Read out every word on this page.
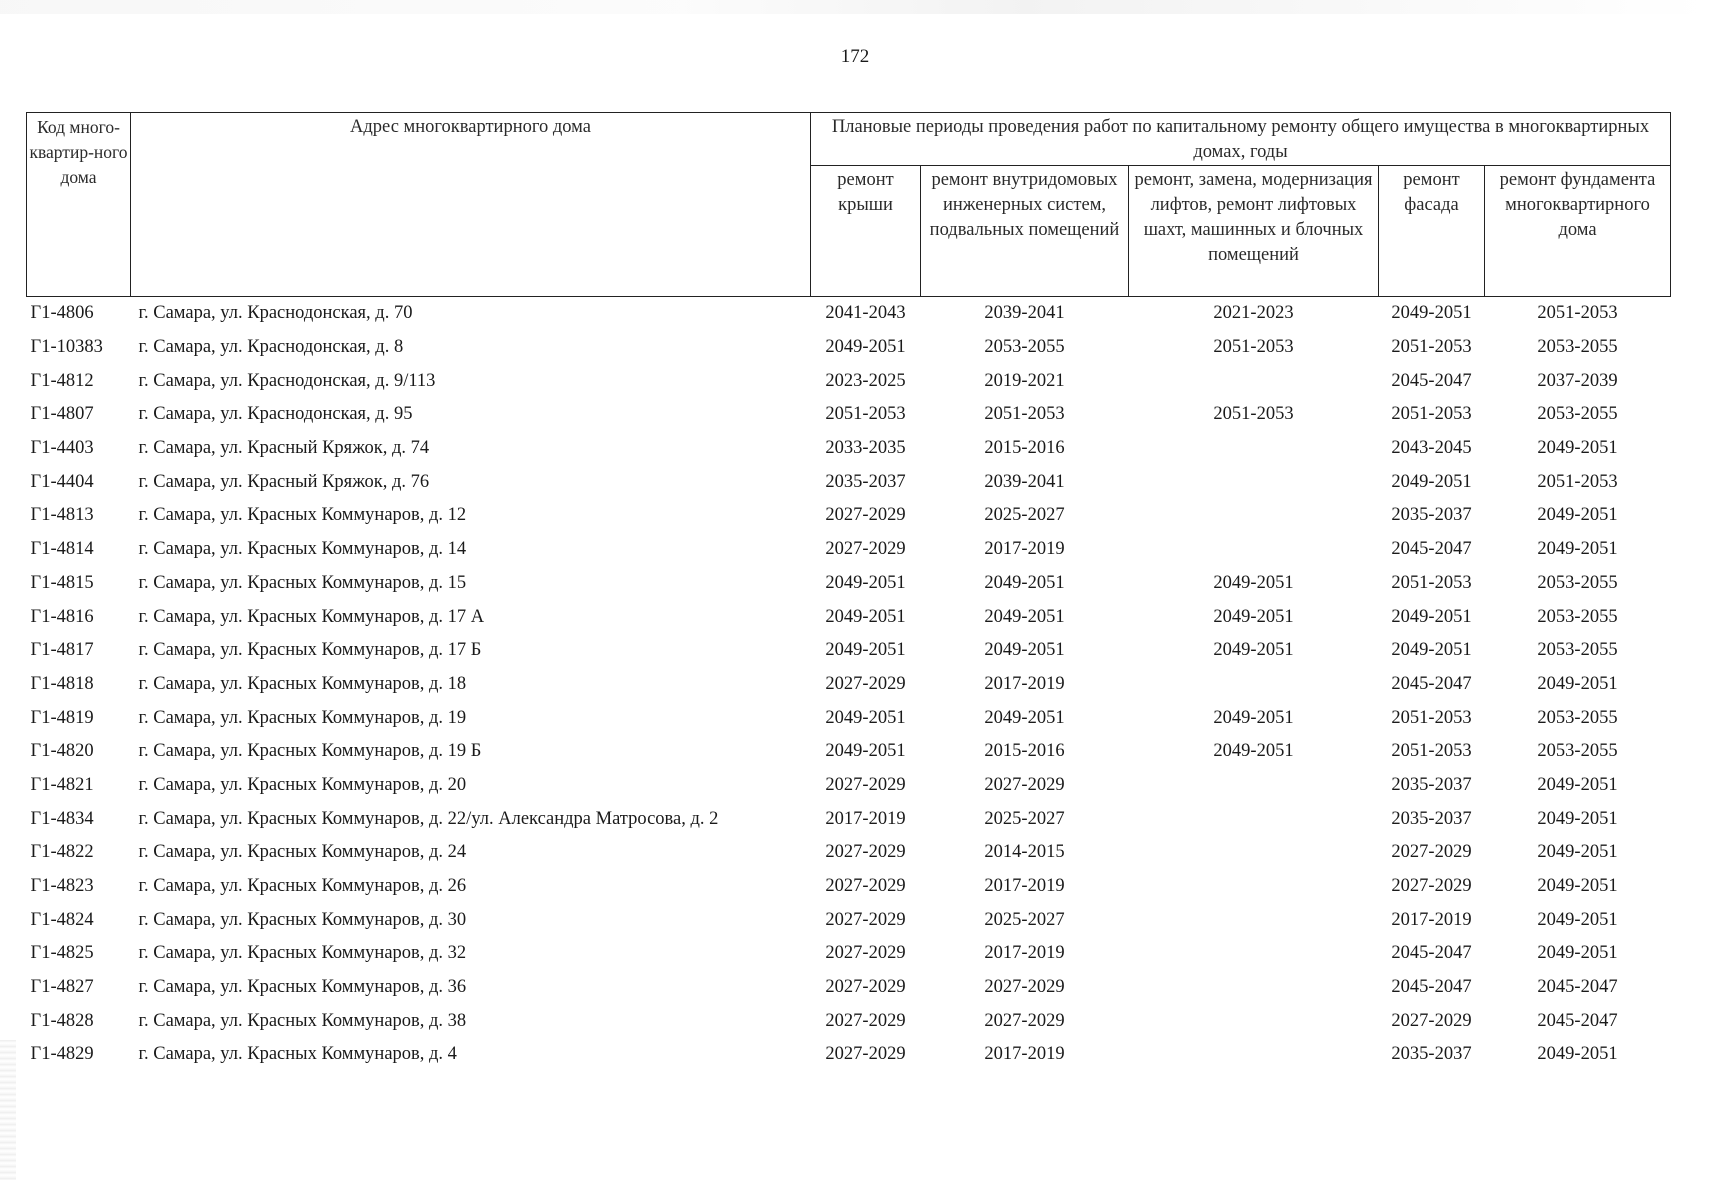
172
Код много-квартир-ного дома	Адрес многоквартирного дома	Плановые периоды проведения работ по капитальному ремонту общего имущества в многоквартирных домах, годы				
		ремонт крыши	ремонт внутридомовых инженерных систем, подвальных помещений	ремонт, замена, модернизация лифтов, ремонт лифтовых шахт, машинных и блочных помещений	ремонт фасада	ремонт фундамента многоквартирного дома
Г1-4806	г. Самара, ул. Краснодонская, д. 70	2041-2043	2039-2041	2021-2023	2049-2051	2051-2053
Г1-10383	г. Самара, ул. Краснодонская, д. 8	2049-2051	2053-2055	2051-2053	2051-2053	2053-2055
Г1-4812	г. Самара, ул. Краснодонская, д. 9/113	2023-2025	2019-2021		2045-2047	2037-2039
Г1-4807	г. Самара, ул. Краснодонская, д. 95	2051-2053	2051-2053	2051-2053	2051-2053	2053-2055
Г1-4403	г. Самара, ул. Красный Кряжок, д. 74	2033-2035	2015-2016		2043-2045	2049-2051
Г1-4404	г. Самара, ул. Красный Кряжок, д. 76	2035-2037	2039-2041		2049-2051	2051-2053
Г1-4813	г. Самара, ул. Красных Коммунаров, д. 12	2027-2029	2025-2027		2035-2037	2049-2051
Г1-4814	г. Самара, ул. Красных Коммунаров, д. 14	2027-2029	2017-2019		2045-2047	2049-2051
Г1-4815	г. Самара, ул. Красных Коммунаров, д. 15	2049-2051	2049-2051	2049-2051	2051-2053	2053-2055
Г1-4816	г. Самара, ул. Красных Коммунаров, д. 17 А	2049-2051	2049-2051	2049-2051	2049-2051	2053-2055
Г1-4817	г. Самара, ул. Красных Коммунаров, д. 17 Б	2049-2051	2049-2051	2049-2051	2049-2051	2053-2055
Г1-4818	г. Самара, ул. Красных Коммунаров, д. 18	2027-2029	2017-2019		2045-2047	2049-2051
Г1-4819	г. Самара, ул. Красных Коммунаров, д. 19	2049-2051	2049-2051	2049-2051	2051-2053	2053-2055
Г1-4820	г. Самара, ул. Красных Коммунаров, д. 19 Б	2049-2051	2015-2016	2049-2051	2051-2053	2053-2055
Г1-4821	г. Самара, ул. Красных Коммунаров, д. 20	2027-2029	2027-2029		2035-2037	2049-2051
Г1-4834	г. Самара, ул. Красных Коммунаров, д. 22/ул. Александра Матросова, д. 2	2017-2019	2025-2027		2035-2037	2049-2051
Г1-4822	г. Самара, ул. Красных Коммунаров, д. 24	2027-2029	2014-2015		2027-2029	2049-2051
Г1-4823	г. Самара, ул. Красных Коммунаров, д. 26	2027-2029	2017-2019		2027-2029	2049-2051
Г1-4824	г. Самара, ул. Красных Коммунаров, д. 30	2027-2029	2025-2027		2017-2019	2049-2051
Г1-4825	г. Самара, ул. Красных Коммунаров, д. 32	2027-2029	2017-2019		2045-2047	2049-2051
Г1-4827	г. Самара, ул. Красных Коммунаров, д. 36	2027-2029	2027-2029		2045-2047	2045-2047
Г1-4828	г. Самара, ул. Красных Коммунаров, д. 38	2027-2029	2027-2029		2027-2029	2045-2047
Г1-4829	г. Самара, ул. Красных Коммунаров, д. 4	2027-2029	2017-2019		2035-2037	2049-2051
